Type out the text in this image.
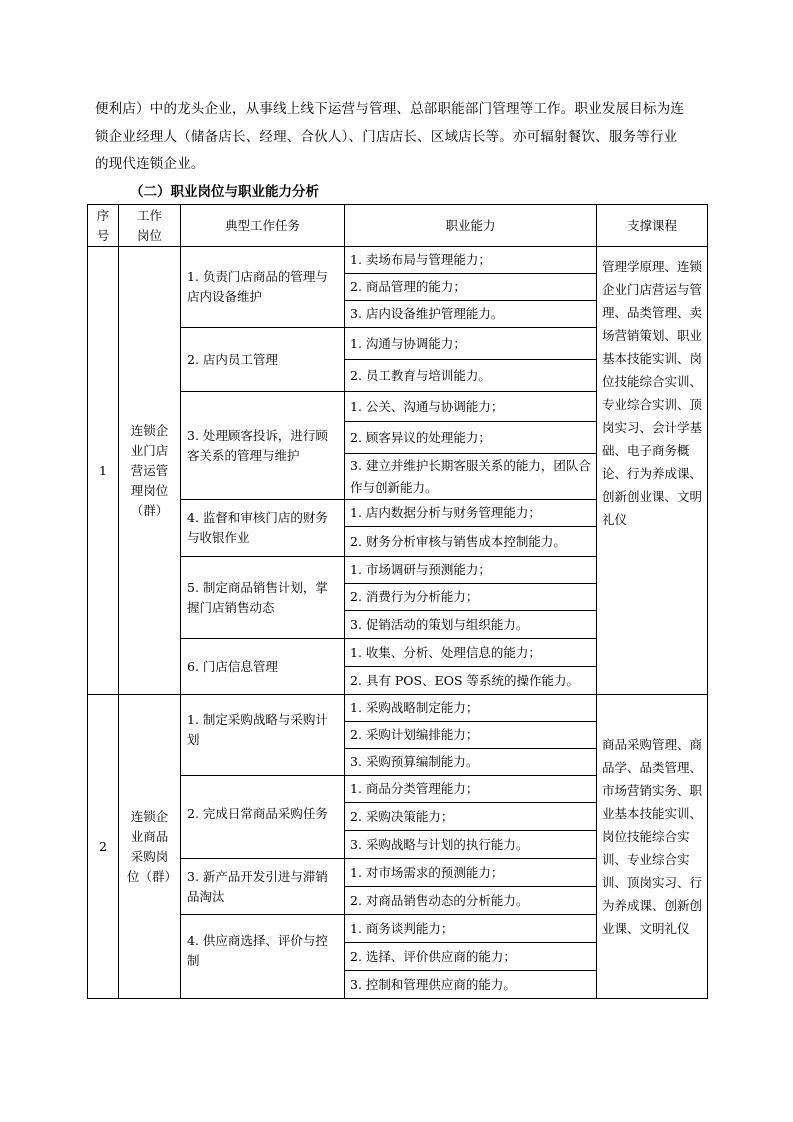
便利店）中的龙头企业，从事线上线下运营与管理、总部职能部门管理等工作。职业发展目标为连
锁企业经理人（储备店长、经理、合伙人）、门店店长、区域店长等。亦可辐射餐饮、服务等行业
的现代连锁企业。
（二）职业岗位与职业能力分析
序号	工作岗位	典型工作任务	职业能力	支撑课程
1	连锁企业门店营运管理岗位（群）	1. 负责门店商品的管理与店内设备维护	1. 卖场布局与管理能力；	管理学原理、连锁企业门店营运与管理、品类管理、卖场营销策划、职业基本技能实训、岗位技能综合实训、专业综合实训、顶岗实习、会计学基础、电子商务概论、行为养成课、创新创业课、文明礼仪
			2. 商品管理的能力；	
			3. 店内设备维护管理能力。	
		2. 店内员工管理	1. 沟通与协调能力；	
			2. 员工教育与培训能力。	
		3. 处理顾客投诉，进行顾客关系的管理与维护	1. 公关、沟通与协调能力；	
			2. 顾客异议的处理能力；	
			3. 建立并维护长期客服关系的能力，团队合作与创新能力。	
		4. 监督和审核门店的财务与收银作业	1. 店内数据分析与财务管理能力；	
			2. 财务分析审核与销售成本控制能力。	
		5. 制定商品销售计划，掌握门店销售动态	1. 市场调研与预测能力；	
			2. 消费行为分析能力；	
			3. 促销活动的策划与组织能力。	
		6. 门店信息管理	1. 收集、分析、处理信息的能力；	
			2. 具有 POS、EOS 等系统的操作能力。	

2	连锁企业商品采购岗位（群）	1. 制定采购战略与采购计划	1. 采购战略制定能力；	商品采购管理、商品学、品类管理、市场营销实务、职业基本技能实训、岗位技能综合实训、专业综合实训、顶岗实习、行为养成课、创新创业课、文明礼仪
			2. 采购计划编排能力；	
			3. 采购预算编制能力。	
		2. 完成日常商品采购任务	1. 商品分类管理能力；	
			2. 采购决策能力；	
			3. 采购战略与计划的执行能力。	
		3. 新产品开发引进与滞销品淘汰	1. 对市场需求的预测能力；	
			2. 对商品销售动态的分析能力。	
		4. 供应商选择、评价与控制	1. 商务谈判能力；	
			2. 选择、评价供应商的能力；	
			3. 控制和管理供应商的能力。	
